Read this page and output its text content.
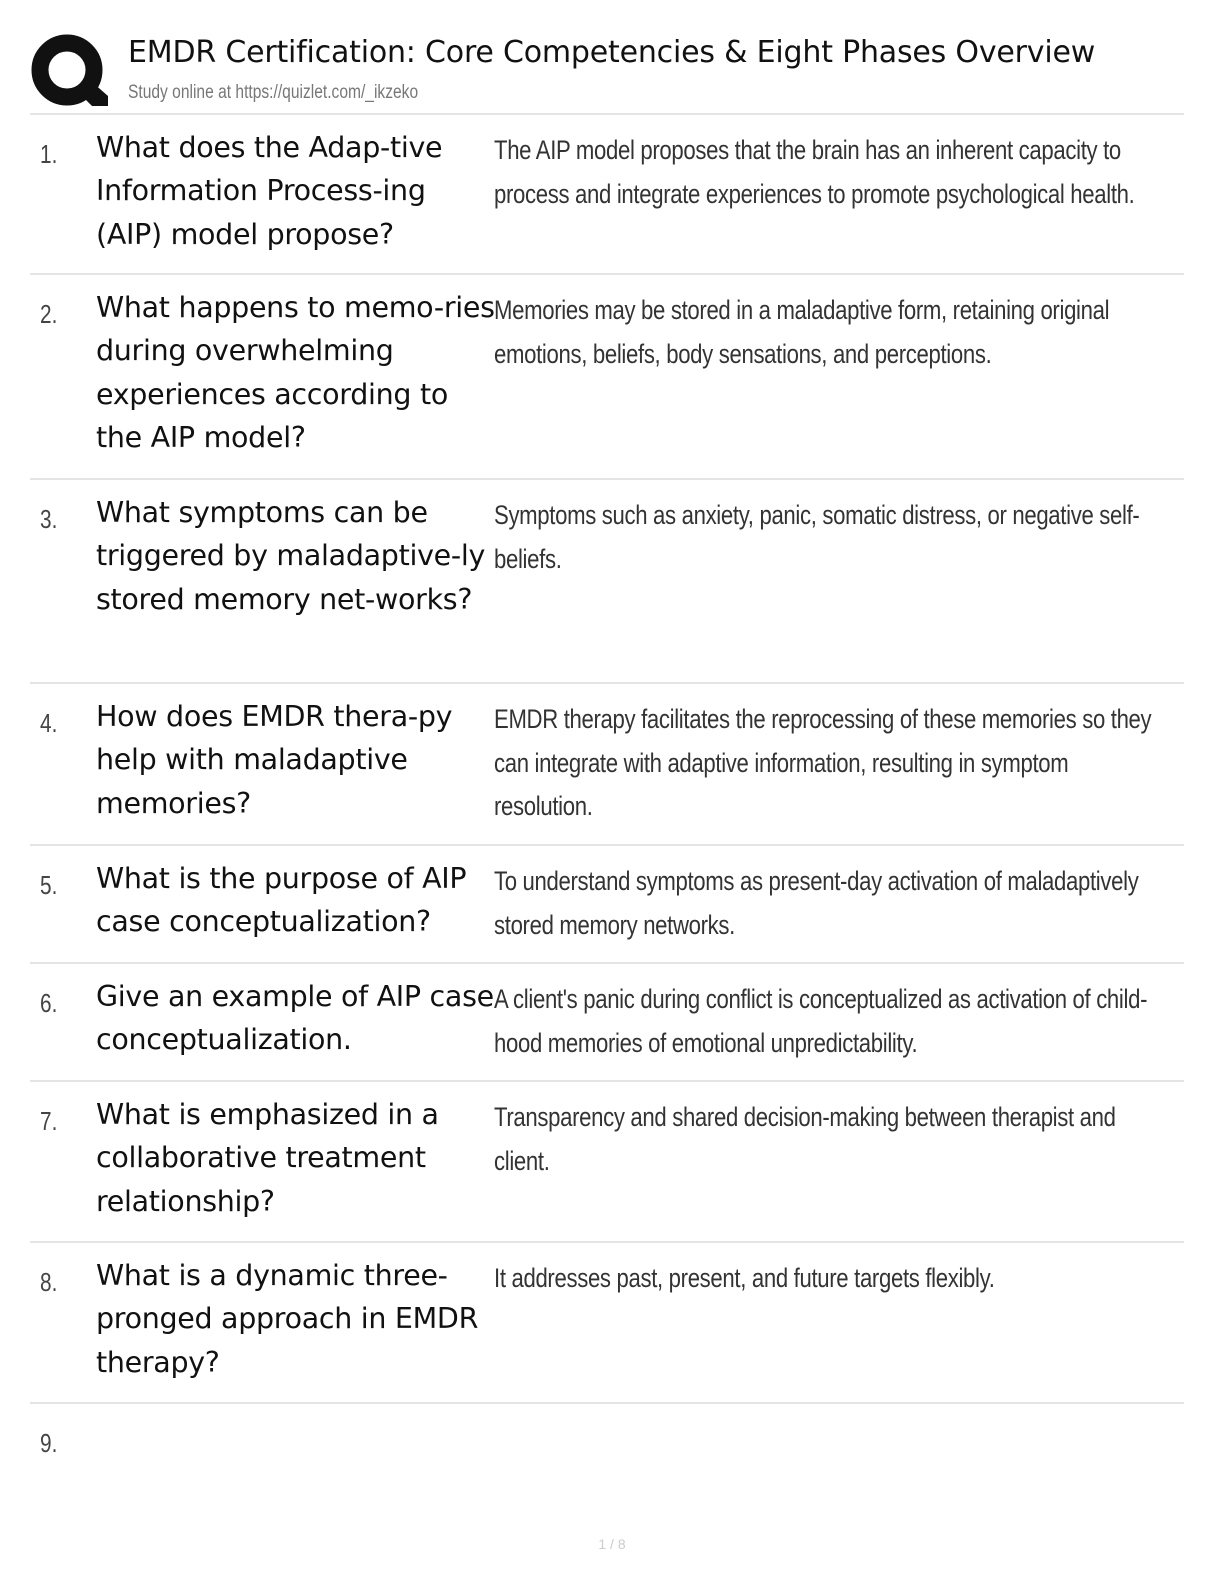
EMDR Certification: Core Competencies & Eight Phases Overview
Study online at https://quizlet.com/_ikzeko
1. What does the Adap-tive Information Process-ing (AIP) model propose?
The AIP model proposes that the brain has an inherent capacity to process and integrate experiences to promote psychological health.
2. What happens to memo-ries during overwhelming experiences according to the AIP model?
Memories may be stored in a maladaptive form, retaining original emotions, beliefs, body sensations, and perceptions.
3. What symptoms can be triggered by maladaptive-ly stored memory net-works?
Symptoms such as anxiety, panic, somatic distress, or negative self-beliefs.
4. How does EMDR thera-py help with maladaptive memories?
EMDR therapy facilitates the reprocessing of these memories so they can integrate with adaptive information, resulting in symptom resolution.
5. What is the purpose of AIP case conceptualization?
To understand symptoms as present-day activation of maladaptively stored memory networks.
6. Give an example of AIP case conceptualization.
A client's panic during conflict is conceptualized as activation of child-hood memories of emotional unpredictability.
7. What is emphasized in a collaborative treatment relationship?
Transparency and shared decision-making between therapist and client.
8. What is a dynamic three-pronged approach in EMDR therapy?
It addresses past, present, and future targets flexibly.
9.
1 / 8
